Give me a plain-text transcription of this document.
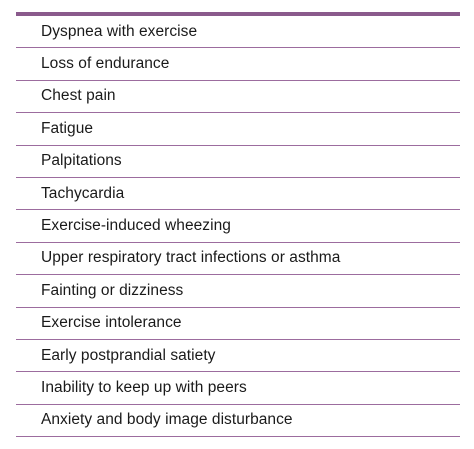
Dyspnea with exercise
Loss of endurance
Chest pain
Fatigue
Palpitations
Tachycardia
Exercise-induced wheezing
Upper respiratory tract infections or asthma
Fainting or dizziness
Exercise intolerance
Early postprandial satiety
Inability to keep up with peers
Anxiety and body image disturbance
